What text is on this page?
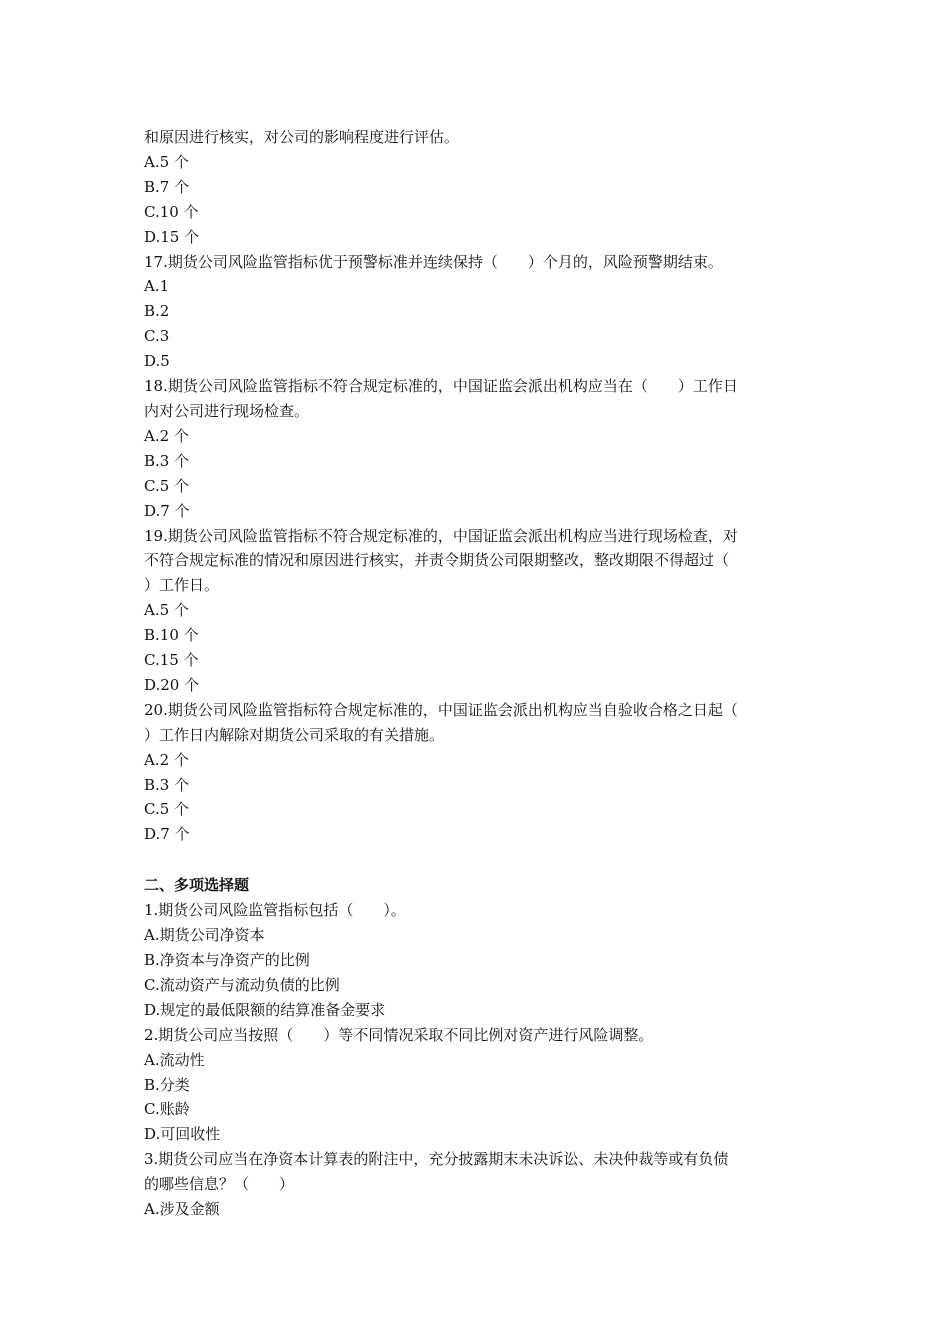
和原因进行核实，对公司的影响程度进行评估。
A.5 个
B.7 个
C.10 个
D.15 个
17.期货公司风险监管指标优于预警标准并连续保持（　　）个月的，风险预警期结束。
A.1
B.2
C.3
D.5
18.期货公司风险监管指标不符合规定标准的，中国证监会派出机构应当在（　　）工作日
内对公司进行现场检查。
A.2 个
B.3 个
C.5 个
D.7 个
19.期货公司风险监管指标不符合规定标准的，中国证监会派出机构应当进行现场检查，对
不符合规定标准的情况和原因进行核实，并责令期货公司限期整改，整改期限不得超过（
）工作日。
A.5 个
B.10 个
C.15 个
D.20 个
20.期货公司风险监管指标符合规定标准的，中国证监会派出机构应当自验收合格之日起（
）工作日内解除对期货公司采取的有关措施。
A.2 个
B.3 个
C.5 个
D.7 个
二、多项选择题
1.期货公司风险监管指标包括（　　）。
A.期货公司净资本
B.净资本与净资产的比例
C.流动资产与流动负债的比例
D.规定的最低限额的结算准备金要求
2.期货公司应当按照（　　）等不同情况采取不同比例对资产进行风险调整。
A.流动性
B.分类
C.账龄
D.可回收性
3.期货公司应当在净资本计算表的附注中，充分披露期末未决诉讼、未决仲裁等或有负债
的哪些信息？（　　）
A.涉及金额
